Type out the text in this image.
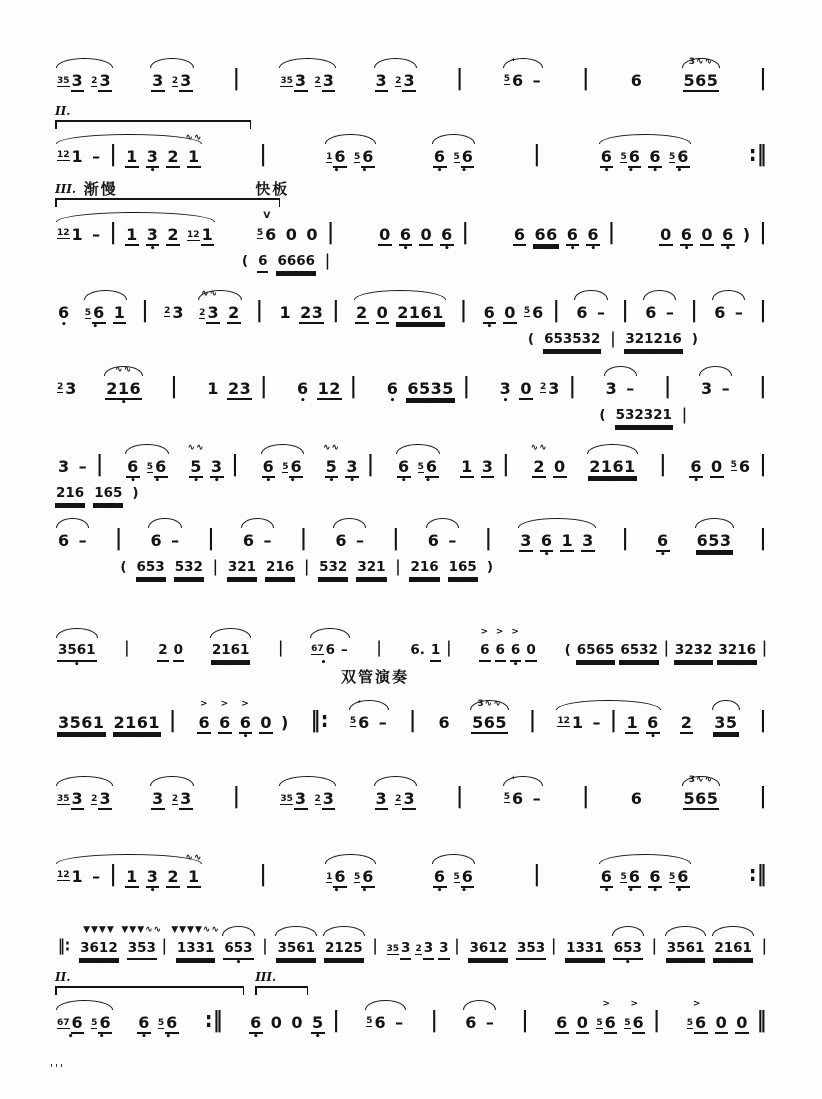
35 3 2 3	3 2 3 |	35 3 2 3	3 2 3 |
⁺
5 6 – |	6
3∿∿
565 |
II.
12 1 – | 1 3
•
2
∿∿
1	|	1 6
•
5 6
•
6
•
5 6
•
|	6
•
5 6
•
6
•
5 6
•
:‖
III. 渐慢	快板
12 1 – | 1 3
•
2 12 1
V
5 6 0 0 |	0 6
•
0 6
•
|	6 66
•
6
•
6
•
|	0 6
•
0 6
•
) |
( 6 6666 |
6
•
5 6
•
1 | 2 3
∿∿
2 3 2 | 1 23 | 2 0 2161
•
| 6
•
0 5 6 | 6 – | 6 – | 6 – |
( 653532 | 321216
•
)
2 3
∿∿
216
•
| 1 23 | 6
•
12 | 6
•
6535
•
| 3
•
0 2 3 | 3 – | 3 – |
( 532321 |
3 – | 6
•
5 6
•
∿∿
5
•
3
•
| 6
•
5 6
•
∿∿
5
•
3
•
| 6
•
5 6
•
1 3 |
∿∿
2 0 2161
•
| 6
•
0 5 6 |
216 165
•
)
6 – | 6 – | 6 – | 6 – | 6 – | 3 6
•
1 3 | 6
•
653
•
|
( 653 532 | 321 216
•
| 532 321 | 216 165
•
)
3561
•
| 2 0 2161
•
|	67 6
•
– | 6. 1 |
>
6
>
6
>
6
•
0 ( 6565 6532 | 3232 3216
•
|
双管演奏
3561
•
2161
•
|
>
6
>
6
>
6
•
0 ) ‖:
⁺
5 6 – | 6
3∿∿
565 | 12 1 – | 1 6
•
2 35 |
35 3 2 3	3 2 3 |	35 3 2 3	3 2 3 |
⁺
5 6 – |	6
3∿∿
565 |
12 1 – | 1 3
•
2
∿∿
1	|	1 6
•
5 6
•
6
•
5 6
•
|	6
•
5 6
•
6
•
5 6
•
:‖
‖:
▼▼▼▼
3612
•
▼▼▼∿∿
353 |
▼▼▼▼∿∿
1331 653
•
| 3561
•
2125 | 35 3 2 3 3 | 3612
•
353 | 1331 653
•
| 3561
•
2161
•
|
II.	III.
67 6
•
5 6
•
6
•
5 6
•
:‖ 6
•
0 0 5
•
|	5 6 – | 6 – | 6 0
>
5 6
>
5 6 |
>
5 6 0 0 ‖
'''
